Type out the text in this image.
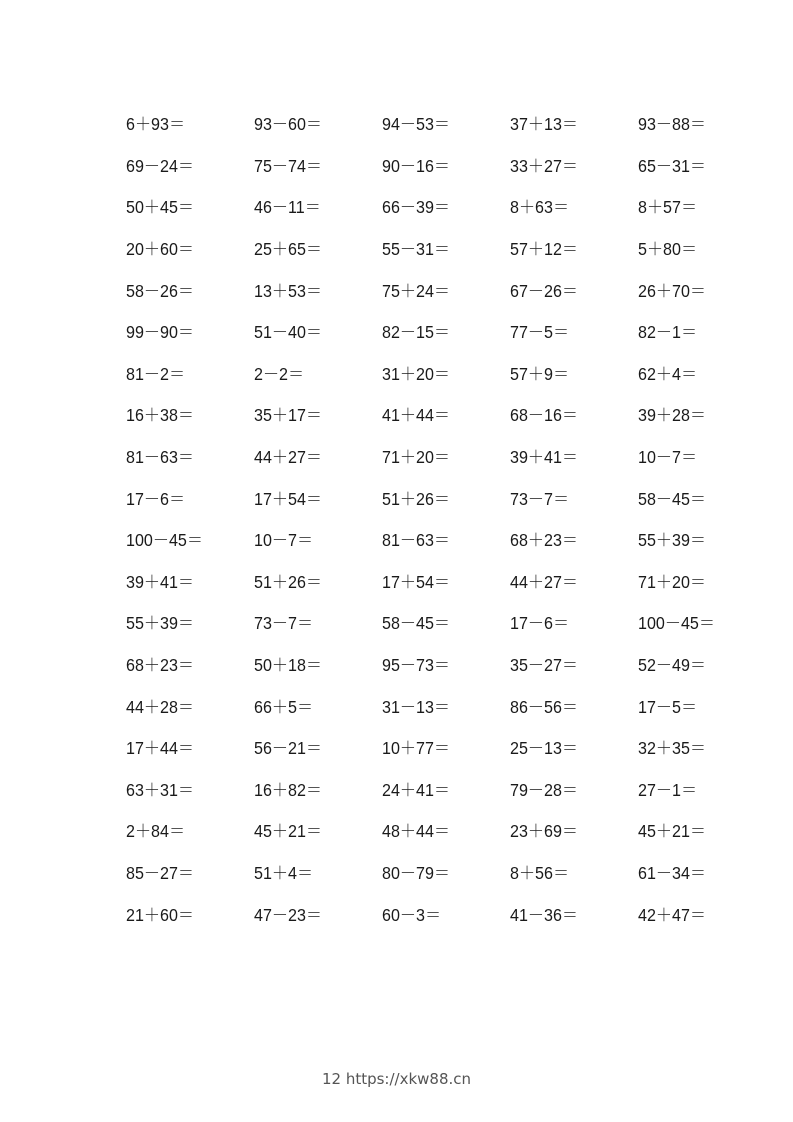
6＋93＝	93－60＝	94－53＝	37＋13＝	93－88＝
69－24＝	75－74＝	90－16＝	33＋27＝	65－31＝
50＋45＝	46－11＝	66－39＝	8＋63＝	8＋57＝
20＋60＝	25＋65＝	55－31＝	57＋12＝	5＋80＝
58－26＝	13＋53＝	75＋24＝	67－26＝	26＋70＝
99－90＝	51－40＝	82－15＝	77－5＝	82－1＝
81－2＝	2－2＝	31＋20＝	57＋9＝	62＋4＝
16＋38＝	35＋17＝	41＋44＝	68－16＝	39＋28＝
81－63＝	44＋27＝	71＋20＝	39＋41＝	10－7＝
17－6＝	17＋54＝	51＋26＝	73－7＝	58－45＝
100－45＝	10－7＝	81－63＝	68＋23＝	55＋39＝
39＋41＝	51＋26＝	17＋54＝	44＋27＝	71＋20＝
55＋39＝	73－7＝	58－45＝	17－6＝	100－45＝
68＋23＝	50＋18＝	95－73＝	35－27＝	52－49＝
44＋28＝	66＋5＝	31－13＝	86－56＝	17－5＝
17＋44＝	56－21＝	10＋77＝	25－13＝	32＋35＝
63＋31＝	16＋82＝	24＋41＝	79－28＝	27－1＝
2＋84＝	45＋21＝	48＋44＝	23＋69＝	45＋21＝
85－27＝	51＋4＝	80－79＝	8＋56＝	61－34＝
21＋60＝	47－23＝	60－3＝	41－36＝	42＋47＝
12 https://xkw88.cn
